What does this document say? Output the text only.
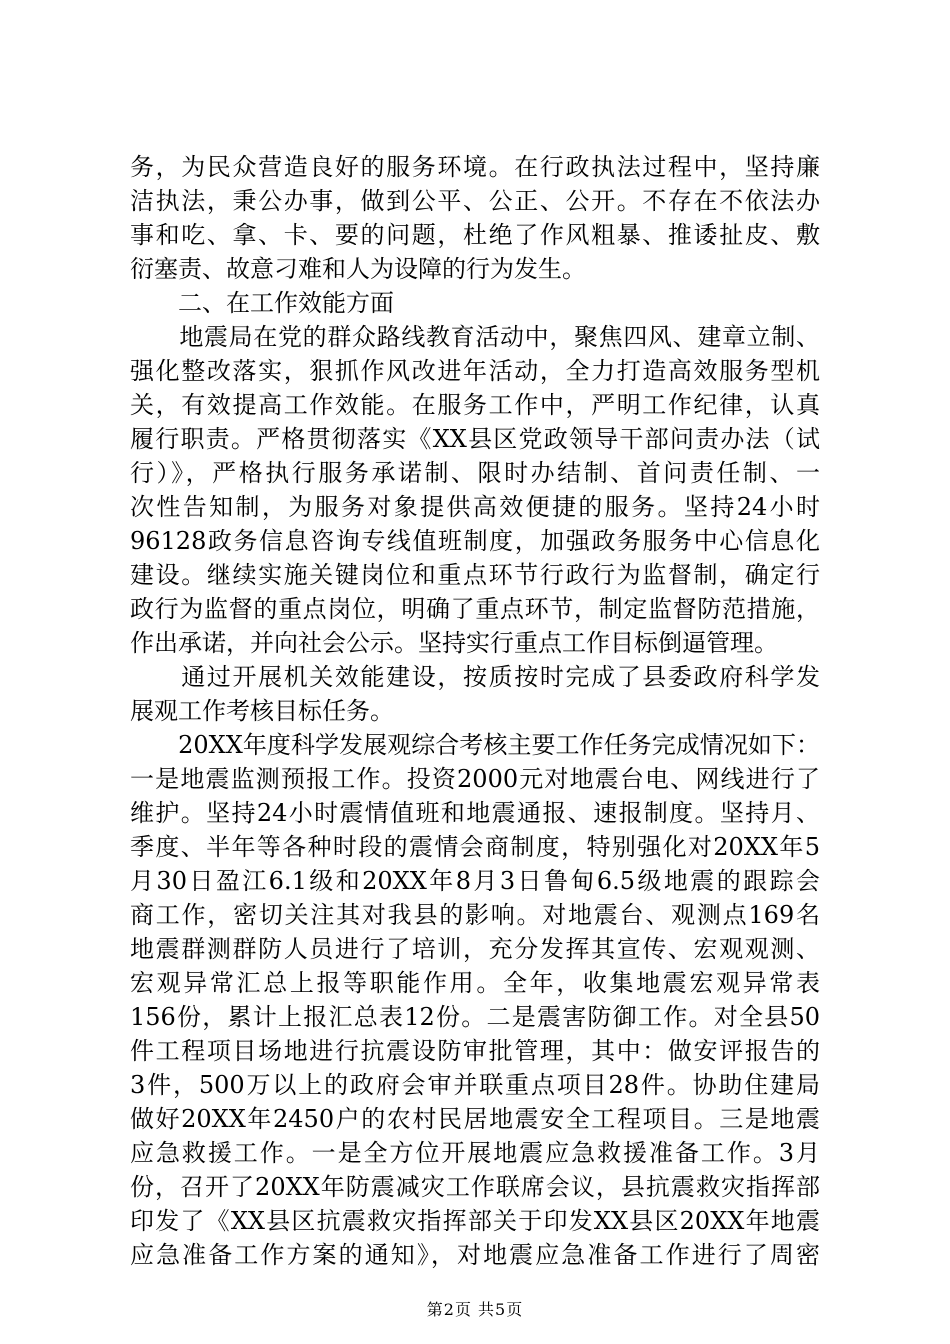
务，为民众营造良好的服务环境。在行政执法过程中，坚持廉
洁执法，秉公办事，做到公平、公正、公开。不存在不依法办
事和吃、拿、卡、要的问题，杜绝了作风粗暴、推诿扯皮、敷
衍塞责、故意刁难和人为设障的行为发生。
　　二、在工作效能方面
　　地震局在党的群众路线教育活动中，聚焦四风、建章立制、
强化整改落实，狠抓作风改进年活动，全力打造高效服务型机
关，有效提高工作效能。在服务工作中，严明工作纪律，认真
履行职责。严格贯彻落实《XX县区党政领导干部问责办法（试
行）》，严格执行服务承诺制、限时办结制、首问责任制、一
次性告知制，为服务对象提供高效便捷的服务。坚持24小时
96128政务信息咨询专线值班制度，加强政务服务中心信息化
建设。继续实施关键岗位和重点环节行政行为监督制，确定行
政行为监督的重点岗位，明确了重点环节，制定监督防范措施，
作出承诺，并向社会公示。坚持实行重点工作目标倒逼管理。
　　通过开展机关效能建设，按质按时完成了县委政府科学发
展观工作考核目标任务。
　　20XX年度科学发展观综合考核主要工作任务完成情况如下：
一是地震监测预报工作。投资2000元对地震台电、网线进行了
维护。坚持24小时震情值班和地震通报、速报制度。坚持月、
季度、半年等各种时段的震情会商制度，特别强化对20XX年5
月30日盈江6.1级和20XX年8月3日鲁甸6.5级地震的跟踪会
商工作，密切关注其对我县的影响。对地震台、观测点169名
地震群测群防人员进行了培训，充分发挥其宣传、宏观观测、
宏观异常汇总上报等职能作用。全年，收集地震宏观异常表
156份，累计上报汇总表12份。二是震害防御工作。对全县50
件工程项目场地进行抗震设防审批管理，其中：做安评报告的
3件，500万以上的政府会审并联重点项目28件。协助住建局
做好20XX年2450户的农村民居地震安全工程项目。三是地震
应急救援工作。一是全方位开展地震应急救援准备工作。3月
份，召开了20XX年防震减灾工作联席会议，县抗震救灾指挥部
印发了《XX县区抗震救灾指挥部关于印发XX县区20XX年地震
应急准备工作方案的通知》，对地震应急准备工作进行了周密
第2页 共5页
